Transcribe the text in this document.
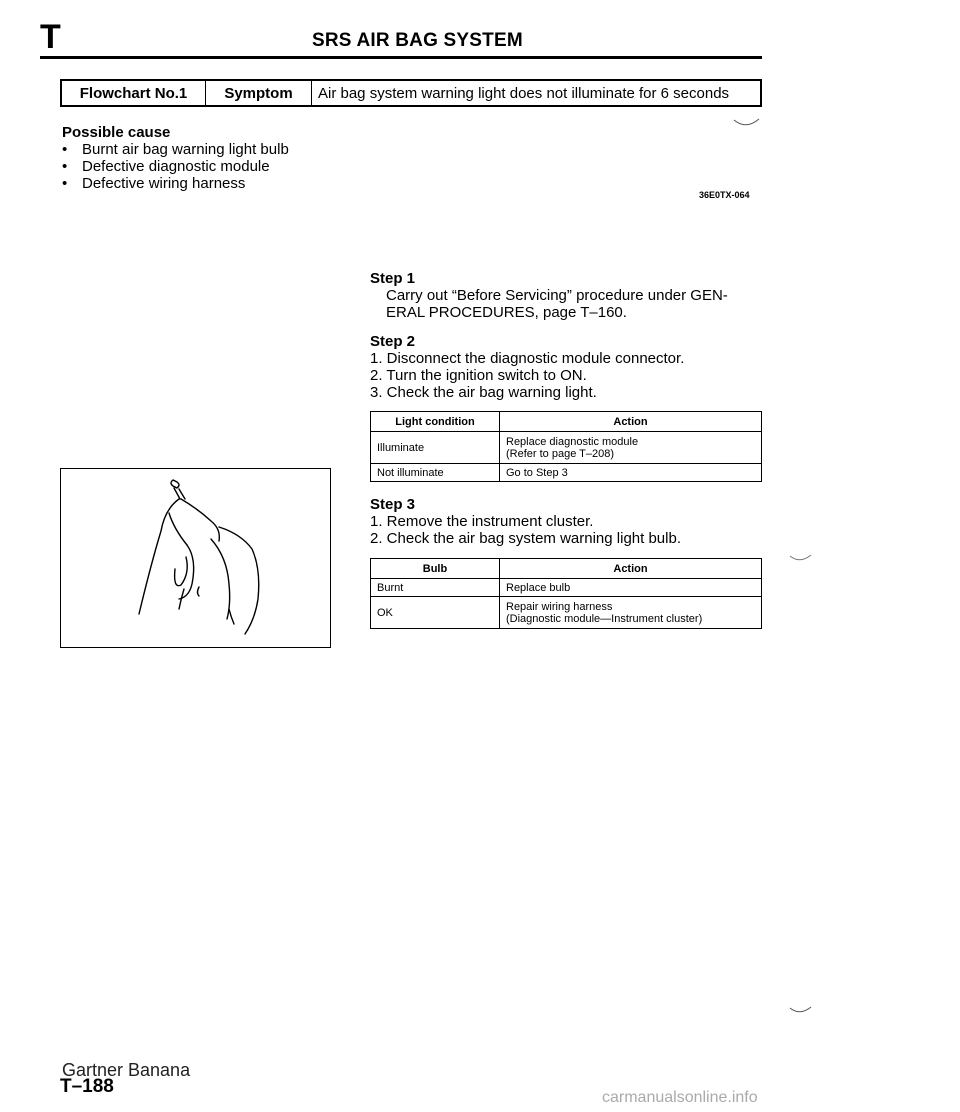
T	SRS AIR BAG SYSTEM
Flowchart No.1	Symptom	Air bag system warning light does not illuminate for 6 seconds
Possible cause
• Burnt air bag warning light bulb
• Defective diagnostic module
• Defective wiring harness
36E0TX-064
Step 1
Carry out “Before Servicing” procedure under GEN-
ERAL PROCEDURES, page T–160.
Step 2
1. Disconnect the diagnostic module connector.
2. Turn the ignition switch to ON.
3. Check the air bag warning light.
Light condition	Action
Illuminate	Replace diagnostic module
(Refer to page T–208)

Not illuminate	Go to Step 3
Step 3
1. Remove the instrument cluster.
2. Check the air bag system warning light bulb.
Bulb	Action
Burnt	Replace bulb
OK	Repair wiring harness
(Diagnostic module—Instrument cluster)
Gartner Banana
T–188
carmanualsonline.info
